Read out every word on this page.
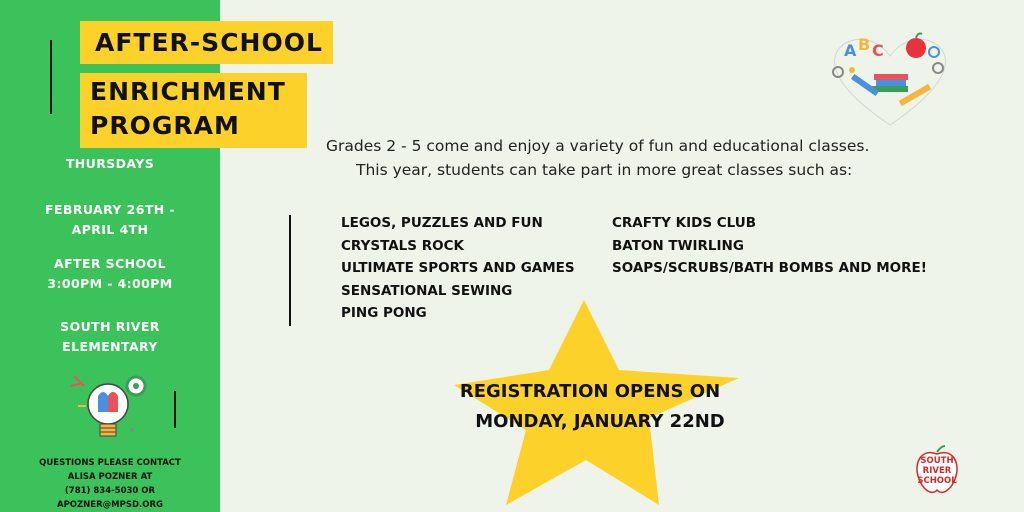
AFTER-SCHOOL
ENRICHMENT
PROGRAM
THURSDAYS
FEBRUARY 26TH -
APRIL 4TH
AFTER SCHOOL
3:00PM - 4:00PM
SOUTH RIVER
ELEMENTARY
QUESTIONS PLEASE CONTACT
ALISA POZNER AT
(781) 834-5030 OR
APOZNER@MPSD.ORG
A B C
Grades 2 - 5 come and enjoy a variety of fun and educational classes.
This year, students can take part in more great classes such as:
LEGOS, PUZZLES AND FUN
CRYSTALS ROCK
ULTIMATE SPORTS AND GAMES
SENSATIONAL SEWING
PING PONG
CRAFTY KIDS CLUB
BATON TWIRLING
SOAPS/SCRUBS/BATH BOMBS AND MORE!
REGISTRATION OPENS ON
MONDAY, JANUARY 22ND
SOUTH
RIVER
SCHOOL
